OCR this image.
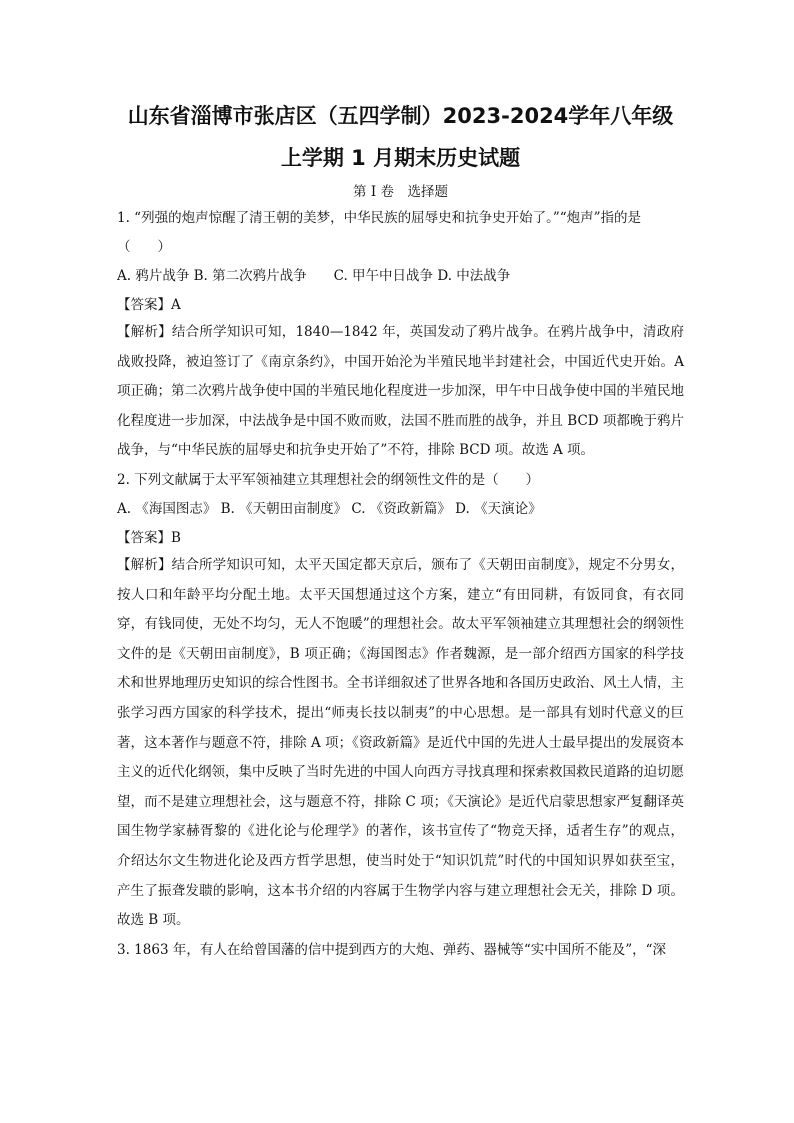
山东省淄博市张店区（五四学制）2023-2024学年八年级
上学期 1 月期末历史试题
第 I 卷　选择题

1. “列强的炮声惊醒了清王朝的美梦，中华民族的屈辱史和抗争史开始了。”“炮声”指的是

（　　）

A. 鸦片战争 B. 第二次鸦片战争　　C. 甲午中日战争 D. 中法战争

【答案】A

【解析】结合所学知识可知，1840—1842 年，英国发动了鸦片战争。在鸦片战争中，清政府战败投降，被迫签订了《南京条约》，中国开始沦为半殖民地半封建社会，中国近代史开始。A 项正确；第二次鸦片战争使中国的半殖民地化程度进一步加深，甲午中日战争使中国的半殖民地化程度进一步加深，中法战争是中国不败而败，法国不胜而胜的战争，并且 BCD 项都晚于鸦片战争，与“中华民族的屈辱史和抗争史开始了”不符，排除 BCD 项。故选 A 项。

2. 下列文献属于太平军领袖建立其理想社会的纲领性文件的是（　　）

A. 《海国图志》 B. 《天朝田亩制度》 C. 《资政新篇》 D. 《天演论》

【答案】B

【解析】结合所学知识可知，太平天国定都天京后，颁布了《天朝田亩制度》，规定不分男女，按人口和年龄平均分配土地。太平天国想通过这个方案，建立“有田同耕，有饭同食，有衣同穿，有钱同使，无处不均匀，无人不饱暖”的理想社会。故太平军领袖建立其理想社会的纲领性文件的是《天朝田亩制度》，B 项正确；《海国图志》作者魏源，是一部介绍西方国家的科学技术和世界地理历史知识的综合性图书。全书详细叙述了世界各地和各国历史政治、风土人情，主张学习西方国家的科学技术，提出“师夷长技以制夷”的中心思想。是一部具有划时代意义的巨著，这本著作与题意不符，排除 A 项；《资政新篇》是近代中国的先进人士最早提出的发展资本主义的近代化纲领，集中反映了当时先进的中国人向西方寻找真理和探索救国救民道路的迫切愿望，而不是建立理想社会，这与题意不符，排除 C 项；《天演论》是近代启蒙思想家严复翻译英国生物学家赫胥黎的《进化论与伦理学》的著作，该书宣传了“物竞天择，适者生存”的观点，介绍达尔文生物进化论及西方哲学思想，使当时处于“知识饥荒”时代的中国知识界如获至宝，产生了振聋发聩的影响，这本书介绍的内容属于生物学内容与建立理想社会无关，排除 D 项。故选 B 项。

3. 1863 年，有人在给曾国藩的信中提到西方的大炮、弹药、器械等“实中国所不能及”，“深
